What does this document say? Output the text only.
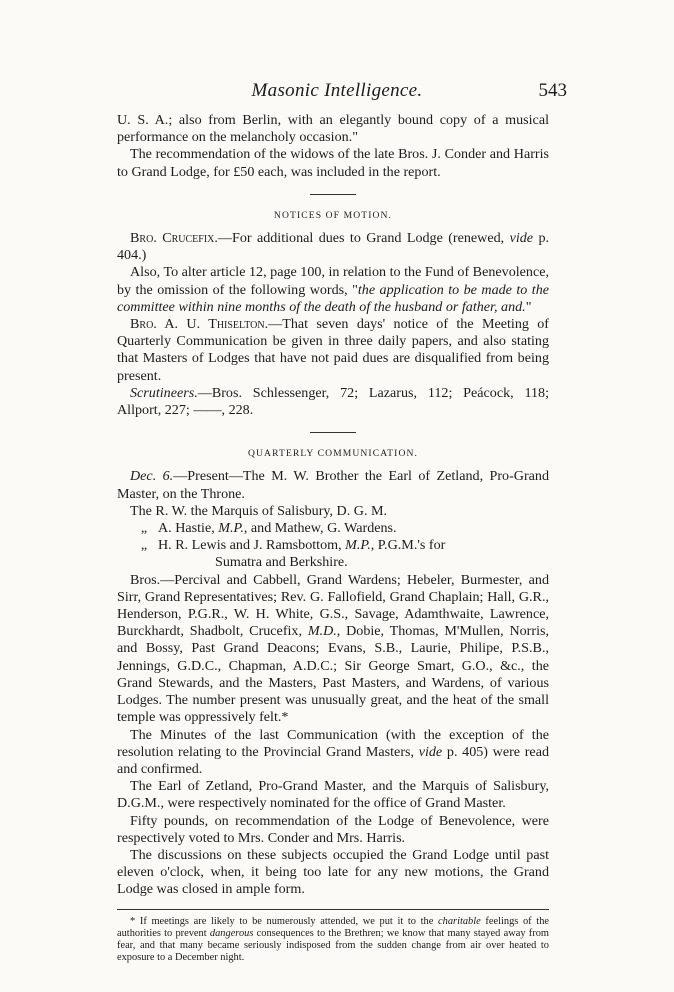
Masonic Intelligence.	543

U. S. A.; also from Berlin, with an elegantly bound copy of a musical performance on the melancholy occasion."

The recommendation of the widows of the late Bros. J. Conder and Harris to Grand Lodge, for £50 each, was included in the report.

NOTICES OF MOTION.

Bro. Crucefix.—For additional dues to Grand Lodge (renewed, vide p. 404.)

Also, To alter article 12, page 100, in relation to the Fund of Benevolence, by the omission of the following words, "the application to be made to the committee within nine months of the death of the husband or father, and."

Bro. A. U. Thiselton.—That seven days' notice of the Meeting of Quarterly Communication be given in three daily papers, and also stating that Masters of Lodges that have not paid dues are disqualified from being present.

Scrutineers.—Bros. Schlessenger, 72; Lazarus, 112; Peácock, 118; Allport, 227; ——, 228.

QUARTERLY COMMUNICATION.

Dec. 6.—Present—The M. W. Brother the Earl of Zetland, Pro-Grand Master, on the Throne.

The R. W. the Marquis of Salisbury, D. G. M.
„ A. Hastie, M.P., and Mathew, G. Wardens.
„ H. R. Lewis and J. Ramsbottom, M.P., P.G.M.'s for
Sumatra and Berkshire.

Bros.—Percival and Cabbell, Grand Wardens; Hebeler, Burmester, and Sirr, Grand Representatives; Rev. G. Fallofield, Grand Chaplain; Hall, G.R., Henderson, P.G.R., W. H. White, G.S., Savage, Adamthwaite, Lawrence, Burckhardt, Shadbolt, Crucefix, M.D., Dobie, Thomas, M'Mullen, Norris, and Bossy, Past Grand Deacons; Evans, S.B., Laurie, Philipe, P.S.B., Jennings, G.D.C., Chapman, A.D.C.; Sir George Smart, G.O., &c., the Grand Stewards, and the Masters, Past Masters, and Wardens, of various Lodges. The number present was unusually great, and the heat of the small temple was oppressively felt.*

The Minutes of the last Communication (with the exception of the resolution relating to the Provincial Grand Masters, vide p. 405) were read and confirmed.

The Earl of Zetland, Pro-Grand Master, and the Marquis of Salisbury, D.G.M., were respectively nominated for the office of Grand Master.

Fifty pounds, on recommendation of the Lodge of Benevolence, were respectively voted to Mrs. Conder and Mrs. Harris.

The discussions on these subjects occupied the Grand Lodge until past eleven o'clock, when, it being too late for any new motions, the Grand Lodge was closed in ample form.

* If meetings are likely to be numerously attended, we put it to the charitable feelings of the authorities to prevent dangerous consequences to the Brethren; we know that many stayed away from fear, and that many became seriously indisposed from the sudden change from air over heated to exposure to a December night.
